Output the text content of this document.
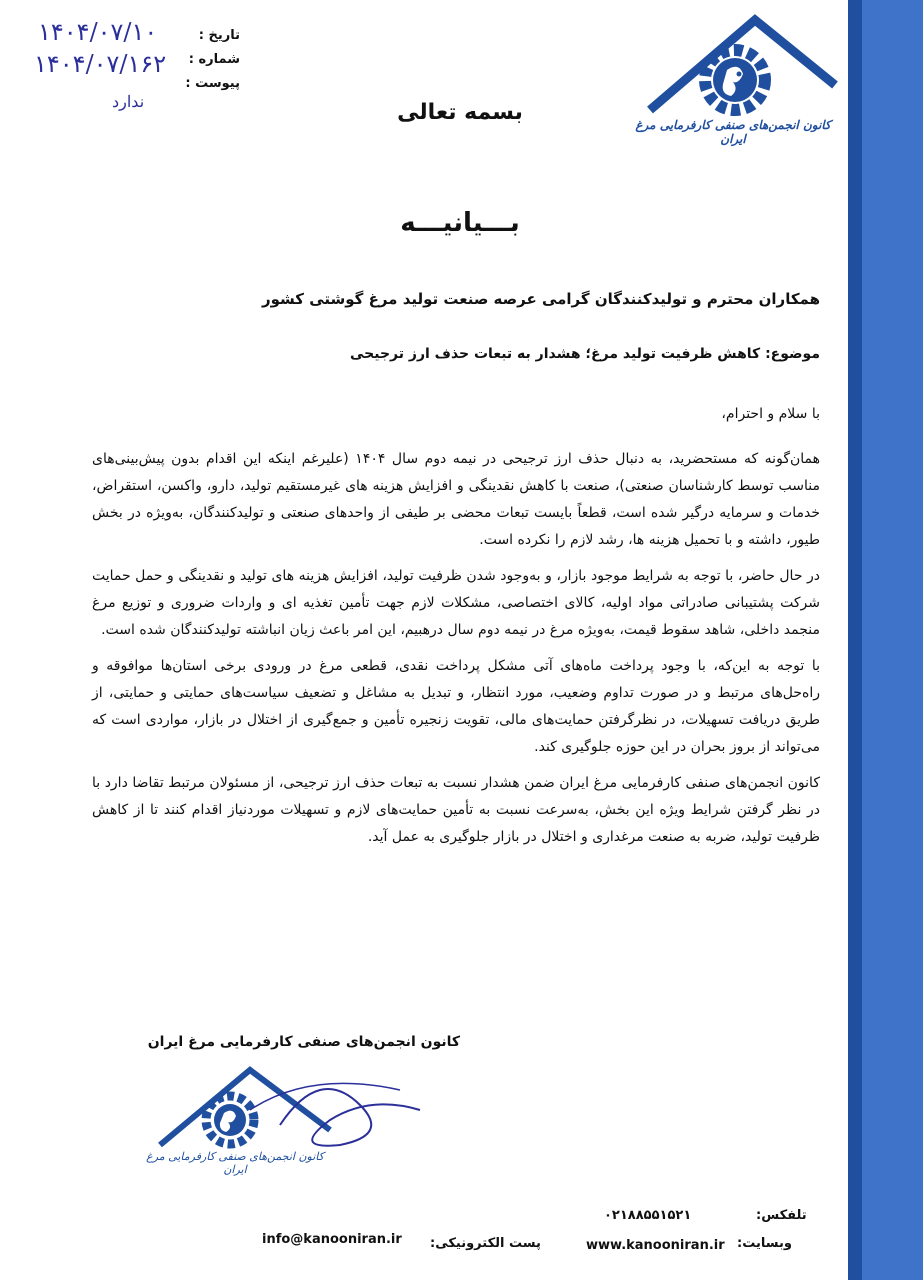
کانون انجمن‌های صنفی کارفرمایی مرغ ایران
تاریخ :
شماره :
پیوست :
۱۴۰۴/۰۷/۱۰
۱۴۰۴/۰۷/۱۶۲
ندارد	بسمه تعالی
بـــیانیـــه
همکاران محترم و تولیدکنندگان گرامی عرصه صنعت تولید مرغ گوشتی کشور
موضوع: کاهش ظرفیت تولید مرغ؛ هشدار به تبعات حذف ارز ترجیحی
با سلام و احترام،

همان‌گونه که مستحضرید، به دنبال حذف ارز ترجیحی در نیمه دوم سال ۱۴۰۴ (علیرغم اینکه این اقدام بدون پیش‌بینی‌های مناسب توسط کارشناسان صنعتی)، صنعت با کاهش نقدینگی و افزایش هزینه های غیرمستقیم تولید، دارو، واکسن، استقراض، خدمات و سرمایه درگیر شده است، قطعاً بایست تبعات محضی بر طیفی از واحدهای صنعتی و تولیدکنندگان، به‌ویژه در بخش طیور، داشته و با تحمیل هزینه ها، رشد لازم را نکرده است.

در حال حاضر، با توجه به شرایط موجود بازار، و به‌وجود شدن ظرفیت تولید، افزایش هزینه های تولید و نقدینگی و حمل حمایت شرکت پشتیبانی صادراتی مواد اولیه، کالای اختصاصی، مشکلات لازم جهت تأمین تغذیه ای و واردات ضروری و توزیع مرغ منجمد داخلی، شاهد سقوط قیمت، به‌ویژه مرغ در نیمه دوم سال درهبیم، این امر باعث زیان انباشته تولیدکنندگان شده است.

با توجه به این‌که، با وجود پرداخت ماه‌های آتی مشکل پرداخت نقدی، قطعی مرغ در ورودی برخی استان‌ها موافوقه و راه‌حل‌های مرتبط و در صورت تداوم وضعیب، مورد انتظار، و تبدیل به مشاغل و تضعیف سیاست‌های حمایتی و حمایتی، از طریق دریافت تسهیلات، در نظرگرفتن حمایت‌های مالی، تقویت زنجیره تأمین و جمع‌گیری از اختلال در بازار، مواردی است که می‌تواند از بروز بحران در این حوزه جلوگیری کند.

کانون انجمن‌های صنفی کارفرمایی مرغ ایران ضمن هشدار نسبت به تبعات حذف ارز ترجیحی، از مسئولان مرتبط تقاضا دارد با در نظر گرفتن شرایط ویژه این بخش، به‌سرعت نسبت به تأمین حمایت‌های لازم و تسهیلات موردنیاز اقدام کنند تا از کاهش ظرفیت تولید، ضربه به صنعت مرغداری و اختلال در بازار جلوگیری به عمل آید.

کانون انجمن‌های صنفی کارفرمایی مرغ ایران
کانون انجمن‌های صنفی کارفرمایی مرغ ایران
تلفکس:
۰۲۱۸۸۵۵۱۵۲۱
وبسایت:
www.kanooniran.ir
پست الکترونیکی:
info@kanooniran.ir
